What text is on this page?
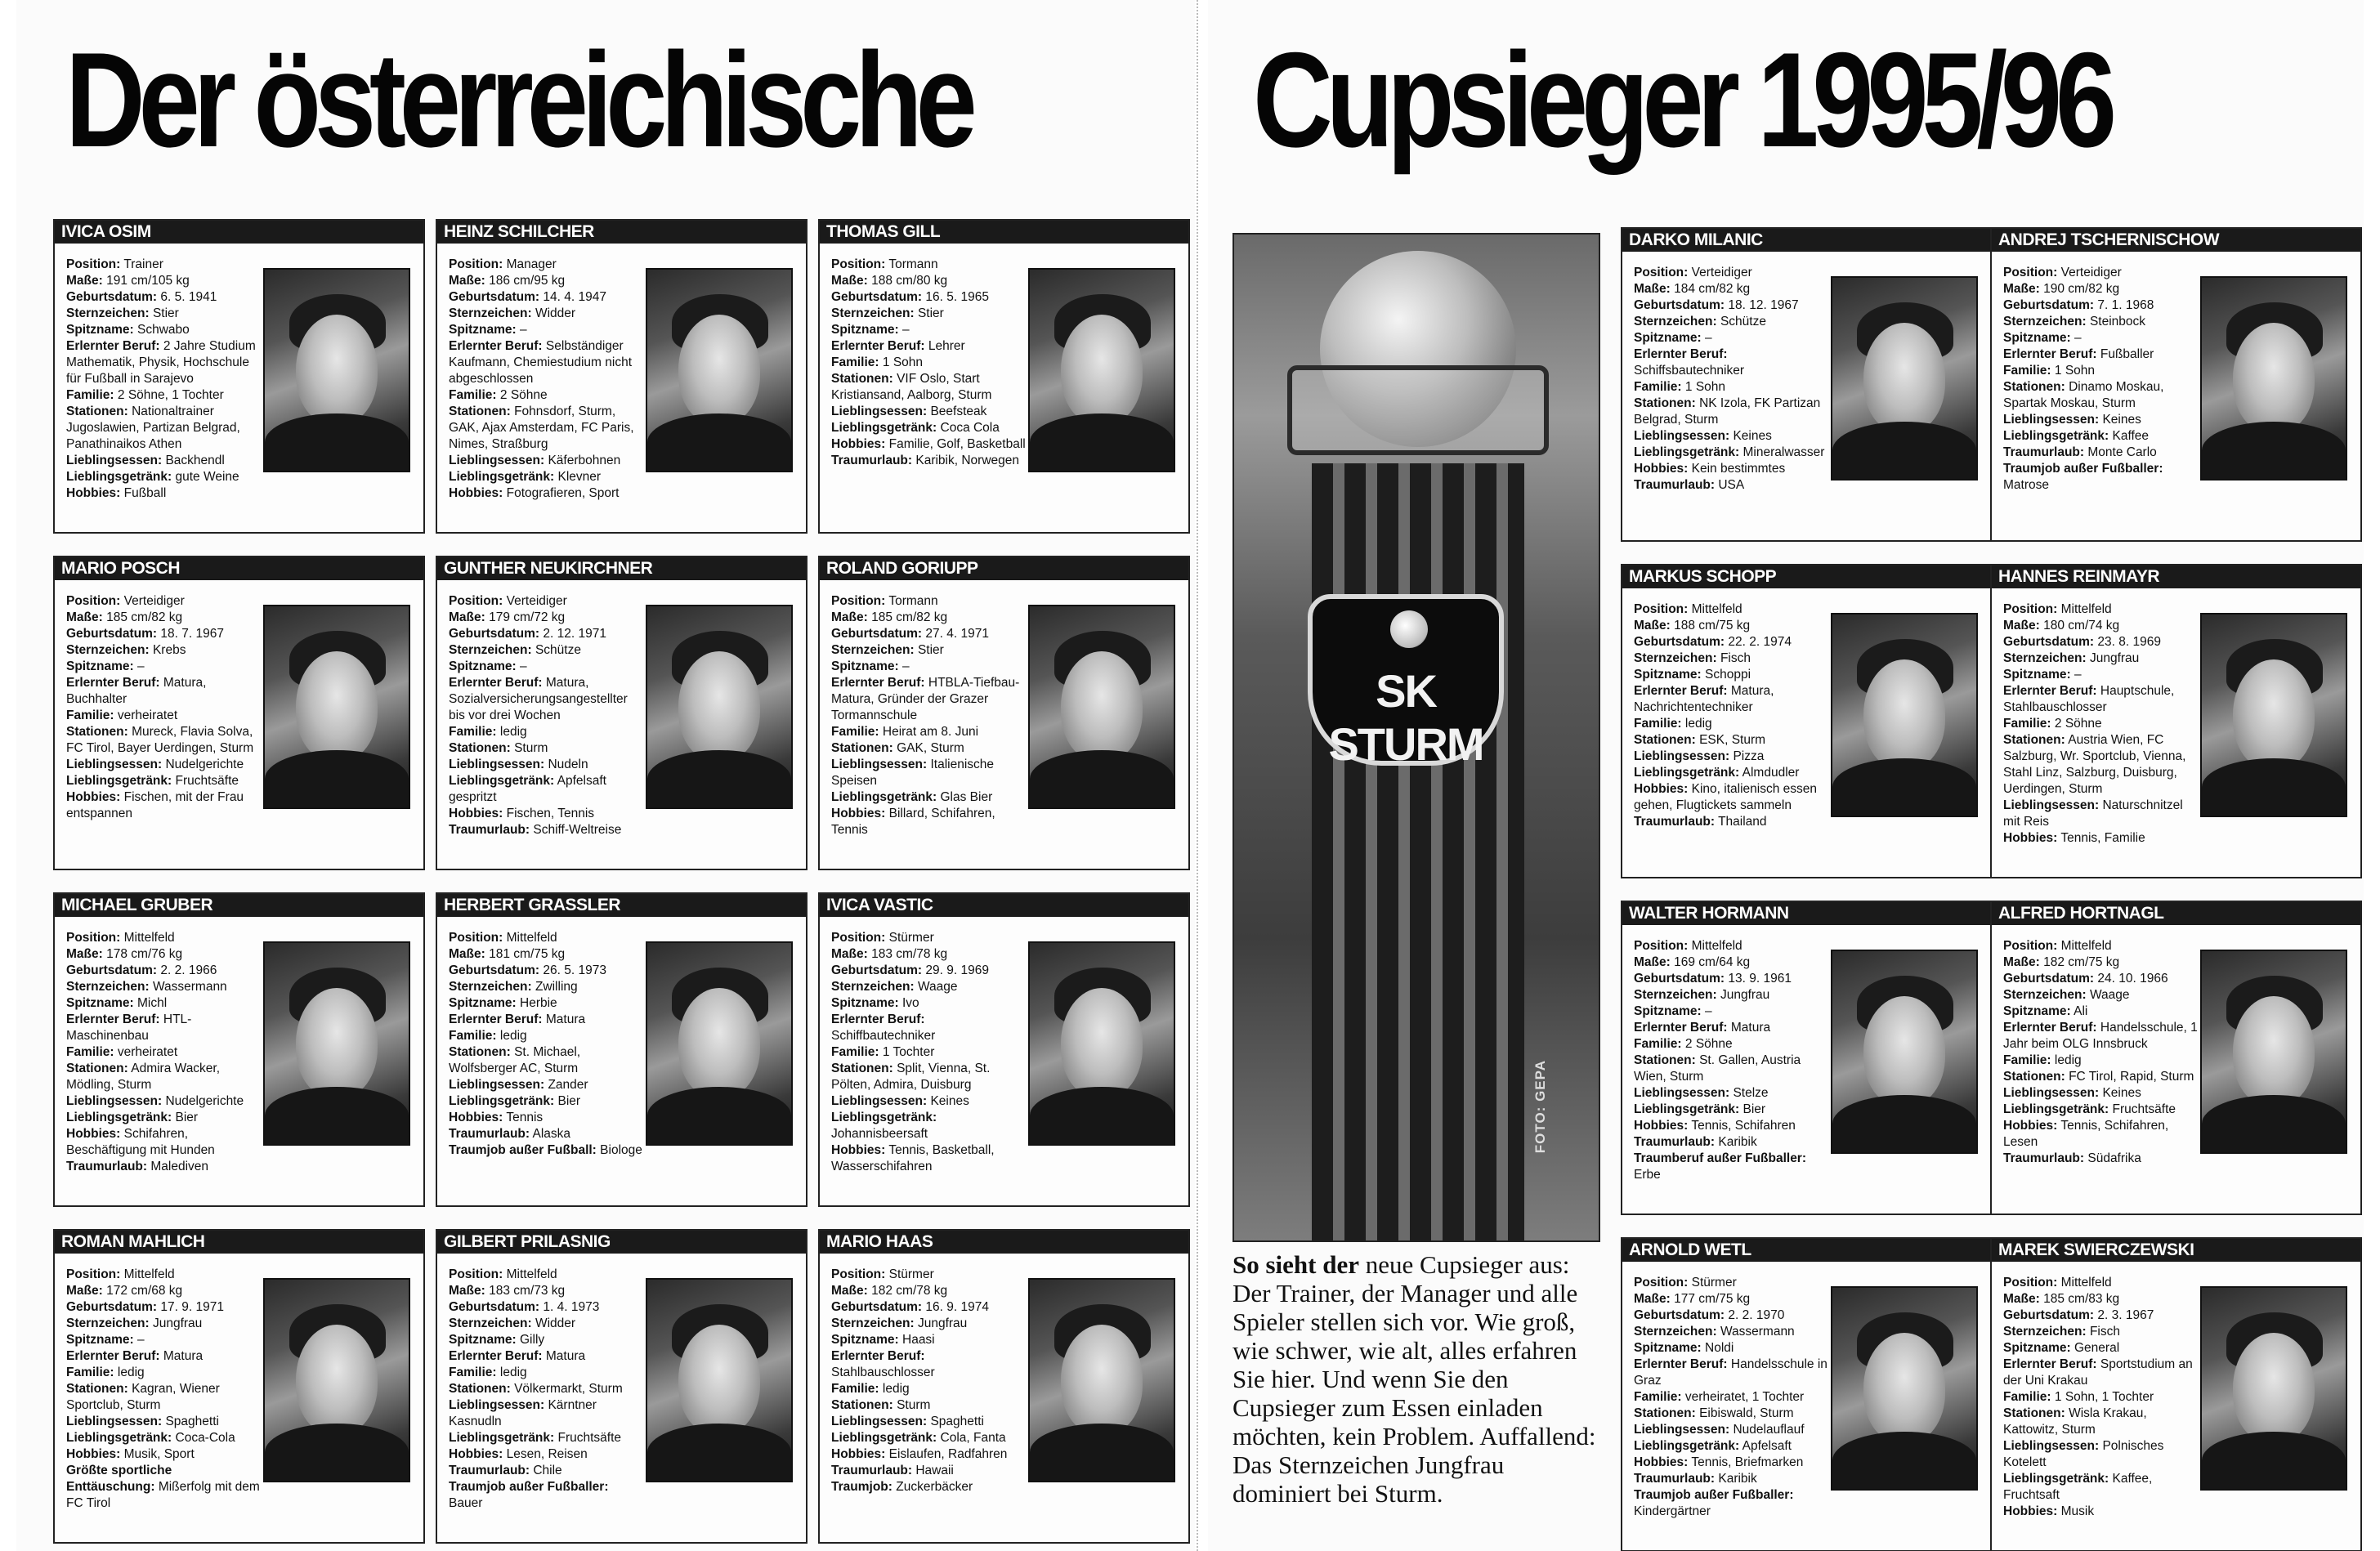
Der österreichische
IVICA OSIM
Position: Trainer
Maße: 191 cm/105 kg
Geburtsdatum: 6. 5. 1941
Sternzeichen: Stier
Spitzname: Schwabo
Erlernter Beruf: 2 Jahre Studium Mathematik, Physik, Hochschule für Fußball in Sarajevo
Familie: 2 Söhne, 1 Tochter
Stationen: Nationaltrainer Jugoslawien, Partizan Belgrad, Panathinaikos Athen
Lieblingsessen: Backhendl
Lieblingsgetränk: gute Weine
Hobbies: Fußball
HEINZ SCHILCHER
Position: Manager
Maße: 186 cm/95 kg
Geburtsdatum: 14. 4. 1947
Sternzeichen: Widder
Spitzname: –
Erlernter Beruf: Selbständiger Kaufmann, Chemiestudium nicht abgeschlossen
Familie: 2 Söhne
Stationen: Fohnsdorf, Sturm, GAK, Ajax Amsterdam, FC Paris, Nimes, Straßburg
Lieblingsessen: Käferbohnen
Lieblingsgetränk: Klevner
Hobbies: Fotografieren, Sport
THOMAS GILL
Position: Tormann
Maße: 188 cm/80 kg
Geburtsdatum: 16. 5. 1965
Sternzeichen: Stier
Spitzname: –
Erlernter Beruf: Lehrer
Familie: 1 Sohn
Stationen: VIF Oslo, Start Kristiansand, Aalborg, Sturm
Lieblingsessen: Beefsteak
Lieblingsgetränk: Coca Cola
Hobbies: Familie, Golf, Basketball
Traumurlaub: Karibik, Norwegen
MARIO POSCH
Position: Verteidiger
Maße: 185 cm/82 kg
Geburtsdatum: 18. 7. 1967
Sternzeichen: Krebs
Spitzname: –
Erlernter Beruf: Matura, Buchhalter
Familie: verheiratet
Stationen: Mureck, Flavia Solva, FC Tirol, Bayer Uerdingen, Sturm
Lieblingsessen: Nudelgerichte
Lieblingsgetränk: Fruchtsäfte
Hobbies: Fischen, mit der Frau entspannen
GUNTHER NEUKIRCHNER
Position: Verteidiger
Maße: 179 cm/72 kg
Geburtsdatum: 2. 12. 1971
Sternzeichen: Schütze
Spitzname: –
Erlernter Beruf: Matura, Sozialversicherungsangestellter bis vor drei Wochen
Familie: ledig
Stationen: Sturm
Lieblingsessen: Nudeln
Lieblingsgetränk: Apfelsaft gespritzt
Hobbies: Fischen, Tennis
Traumurlaub: Schiff-Weltreise
ROLAND GORIUPP
Position: Tormann
Maße: 185 cm/82 kg
Geburtsdatum: 27. 4. 1971
Sternzeichen: Stier
Spitzname: –
Erlernter Beruf: HTBLA-Tiefbau-Matura, Gründer der Grazer Tormannschule
Familie: Heirat am 8. Juni
Stationen: GAK, Sturm
Lieblingsessen: Italienische Speisen
Lieblingsgetränk: Glas Bier
Hobbies: Billard, Schifahren, Tennis
MICHAEL GRUBER
Position: Mittelfeld
Maße: 178 cm/76 kg
Geburtsdatum: 2. 2. 1966
Sternzeichen: Wassermann
Spitzname: Michl
Erlernter Beruf: HTL-Maschinenbau
Familie: verheiratet
Stationen: Admira Wacker, Mödling, Sturm
Lieblingsessen: Nudelgerichte
Lieblingsgetränk: Bier
Hobbies: Schifahren, Beschäftigung mit Hunden
Traumurlaub: Malediven
HERBERT GRASSLER
Position: Mittelfeld
Maße: 181 cm/75 kg
Geburtsdatum: 26. 5. 1973
Sternzeichen: Zwilling
Spitzname: Herbie
Erlernter Beruf: Matura
Familie: ledig
Stationen: St. Michael, Wolfsberger AC, Sturm
Lieblingsessen: Zander
Lieblingsgetränk: Bier
Hobbies: Tennis
Traumurlaub: Alaska
Traumjob außer Fußball: Biologe
IVICA VASTIC
Position: Stürmer
Maße: 183 cm/78 kg
Geburtsdatum: 29. 9. 1969
Sternzeichen: Waage
Spitzname: Ivo
Erlernter Beruf: Schiffbautechniker
Familie: 1 Tochter
Stationen: Split, Vienna, St. Pölten, Admira, Duisburg
Lieblingsessen: Keines
Lieblingsgetränk: Johannisbeersaft
Hobbies: Tennis, Basketball, Wasserschifahren
ROMAN MAHLICH
Position: Mittelfeld
Maße: 172 cm/68 kg
Geburtsdatum: 17. 9. 1971
Sternzeichen: Jungfrau
Spitzname: –
Erlernter Beruf: Matura
Familie: ledig
Stationen: Kagran, Wiener Sportclub, Sturm
Lieblingsessen: Spaghetti
Lieblingsgetränk: Coca-Cola
Hobbies: Musik, Sport
Größte sportliche Enttäuschung: Mißerfolg mit dem FC Tirol
GILBERT PRILASNIG
Position: Mittelfeld
Maße: 183 cm/73 kg
Geburtsdatum: 1. 4. 1973
Sternzeichen: Widder
Spitzname: Gilly
Erlernter Beruf: Matura
Familie: ledig
Stationen: Völkermarkt, Sturm
Lieblingsessen: Kärntner Kasnudln
Lieblingsgetränk: Fruchtsäfte
Hobbies: Lesen, Reisen
Traumurlaub: Chile
Traumjob außer Fußballer: Bauer
MARIO HAAS
Position: Stürmer
Maße: 182 cm/78 kg
Geburtsdatum: 16. 9. 1974
Sternzeichen: Jungfrau
Spitzname: Haasi
Erlernter Beruf: Stahlbauschlosser
Familie: ledig
Stationen: Sturm
Lieblingsessen: Spaghetti
Lieblingsgetränk: Cola, Fanta
Hobbies: Eislaufen, Radfahren
Traumurlaub: Hawaii
Traumjob: Zuckerbäcker
Cupsieger 1995/96
SK STURM
FOTO: GEPA
So sieht der neue Cupsieger aus: Der Trainer, der Manager und alle Spieler stellen sich vor. Wie groß, wie schwer, wie alt, alles erfahren Sie hier. Und wenn Sie den Cupsieger zum Essen einladen möchten, kein Problem. Auffallend: Das Sternzeichen Jungfrau dominiert bei Sturm.
DARKO MILANIC
Position: Verteidiger
Maße: 184 cm/82 kg
Geburtsdatum: 18. 12. 1967
Sternzeichen: Schütze
Spitzname: –
Erlernter Beruf: Schiffsbautechniker
Familie: 1 Sohn
Stationen: NK Izola, FK Partizan Belgrad, Sturm
Lieblingsessen: Keines
Lieblingsgetränk: Mineralwasser
Hobbies: Kein bestimmtes
Traumurlaub: USA
ANDREJ TSCHERNISCHOW
Position: Verteidiger
Maße: 190 cm/82 kg
Geburtsdatum: 7. 1. 1968
Sternzeichen: Steinbock
Spitzname: –
Erlernter Beruf: Fußballer
Familie: 1 Sohn
Stationen: Dinamo Moskau, Spartak Moskau, Sturm
Lieblingsessen: Keines
Lieblingsgetränk: Kaffee
Traumurlaub: Monte Carlo
Traumjob außer Fußballer: Matrose
MARKUS SCHOPP
Position: Mittelfeld
Maße: 188 cm/75 kg
Geburtsdatum: 22. 2. 1974
Sternzeichen: Fisch
Spitzname: Schoppi
Erlernter Beruf: Matura, Nachrichtentechniker
Familie: ledig
Stationen: ESK, Sturm
Lieblingsessen: Pizza
Lieblingsgetränk: Almdudler
Hobbies: Kino, italienisch essen gehen, Flugtickets sammeln
Traumurlaub: Thailand
HANNES REINMAYR
Position: Mittelfeld
Maße: 180 cm/74 kg
Geburtsdatum: 23. 8. 1969
Sternzeichen: Jungfrau
Spitzname: –
Erlernter Beruf: Hauptschule, Stahlbauschlosser
Familie: 2 Söhne
Stationen: Austria Wien, FC Salzburg, Wr. Sportclub, Vienna, Stahl Linz, Salzburg, Duisburg, Uerdingen, Sturm
Lieblingsessen: Naturschnitzel mit Reis
Hobbies: Tennis, Familie
WALTER HORMANN
Position: Mittelfeld
Maße: 169 cm/64 kg
Geburtsdatum: 13. 9. 1961
Sternzeichen: Jungfrau
Spitzname: –
Erlernter Beruf: Matura
Familie: 2 Söhne
Stationen: St. Gallen, Austria Wien, Sturm
Lieblingsessen: Stelze
Lieblingsgetränk: Bier
Hobbies: Tennis, Schifahren
Traumurlaub: Karibik
Traumberuf außer Fußballer: Erbe
ALFRED HORTNAGL
Position: Mittelfeld
Maße: 182 cm/75 kg
Geburtsdatum: 24. 10. 1966
Sternzeichen: Waage
Spitzname: Ali
Erlernter Beruf: Handelsschule, 1 Jahr beim OLG Innsbruck
Familie: ledig
Stationen: FC Tirol, Rapid, Sturm
Lieblingsessen: Keines
Lieblingsgetränk: Fruchtsäfte
Hobbies: Tennis, Schifahren, Lesen
Traumurlaub: Südafrika
ARNOLD WETL
Position: Stürmer
Maße: 177 cm/75 kg
Geburtsdatum: 2. 2. 1970
Sternzeichen: Wassermann
Spitzname: Noldi
Erlernter Beruf: Handelsschule in Graz
Familie: verheiratet, 1 Tochter
Stationen: Eibiswald, Sturm
Lieblingsessen: Nudelauflauf
Lieblingsgetränk: Apfelsaft
Hobbies: Tennis, Briefmarken
Traumurlaub: Karibik
Traumjob außer Fußballer: Kindergärtner
MAREK SWIERCZEWSKI
Position: Mittelfeld
Maße: 185 cm/83 kg
Geburtsdatum: 2. 3. 1967
Sternzeichen: Fisch
Spitzname: General
Erlernter Beruf: Sportstudium an der Uni Krakau
Familie: 1 Sohn, 1 Tochter
Stationen: Wisla Krakau, Kattowitz, Sturm
Lieblingsessen: Polnisches Kotelett
Lieblingsgetränk: Kaffee, Fruchtsaft
Hobbies: Musik
